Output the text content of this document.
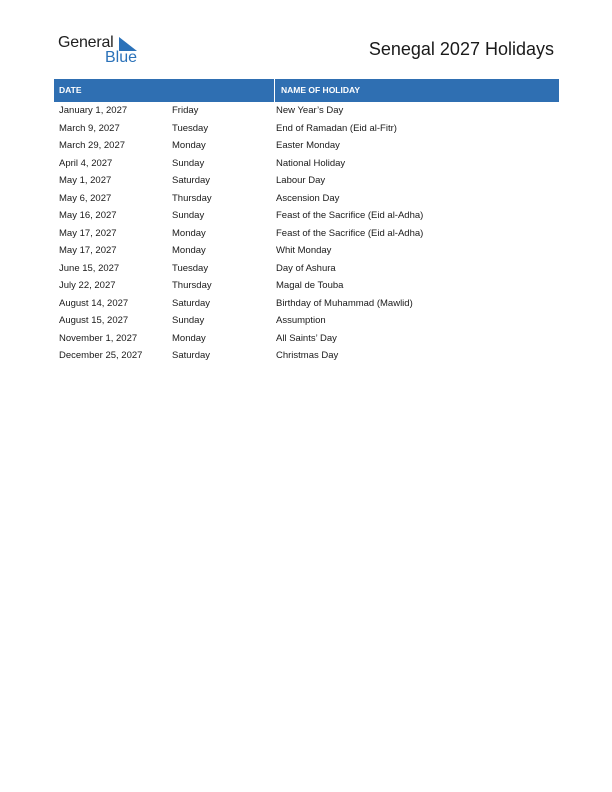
General
Blue	Senegal 2027 Holidays
DATE	NAME OF HOLIDAY
January 1, 2027	Friday	New Year’s Day
March 9, 2027	Tuesday	End of Ramadan (Eid al-Fitr)
March 29, 2027	Monday	Easter Monday
April 4, 2027	Sunday	National Holiday
May 1, 2027	Saturday	Labour Day
May 6, 2027	Thursday	Ascension Day
May 16, 2027	Sunday	Feast of the Sacrifice (Eid al-Adha)
May 17, 2027	Monday	Feast of the Sacrifice (Eid al-Adha)
May 17, 2027	Monday	Whit Monday
June 15, 2027	Tuesday	Day of Ashura
July 22, 2027	Thursday	Magal de Touba
August 14, 2027	Saturday	Birthday of Muhammad (Mawlid)
August 15, 2027	Sunday	Assumption
November 1, 2027	Monday	All Saints’ Day
December 25, 2027	Saturday	Christmas Day
